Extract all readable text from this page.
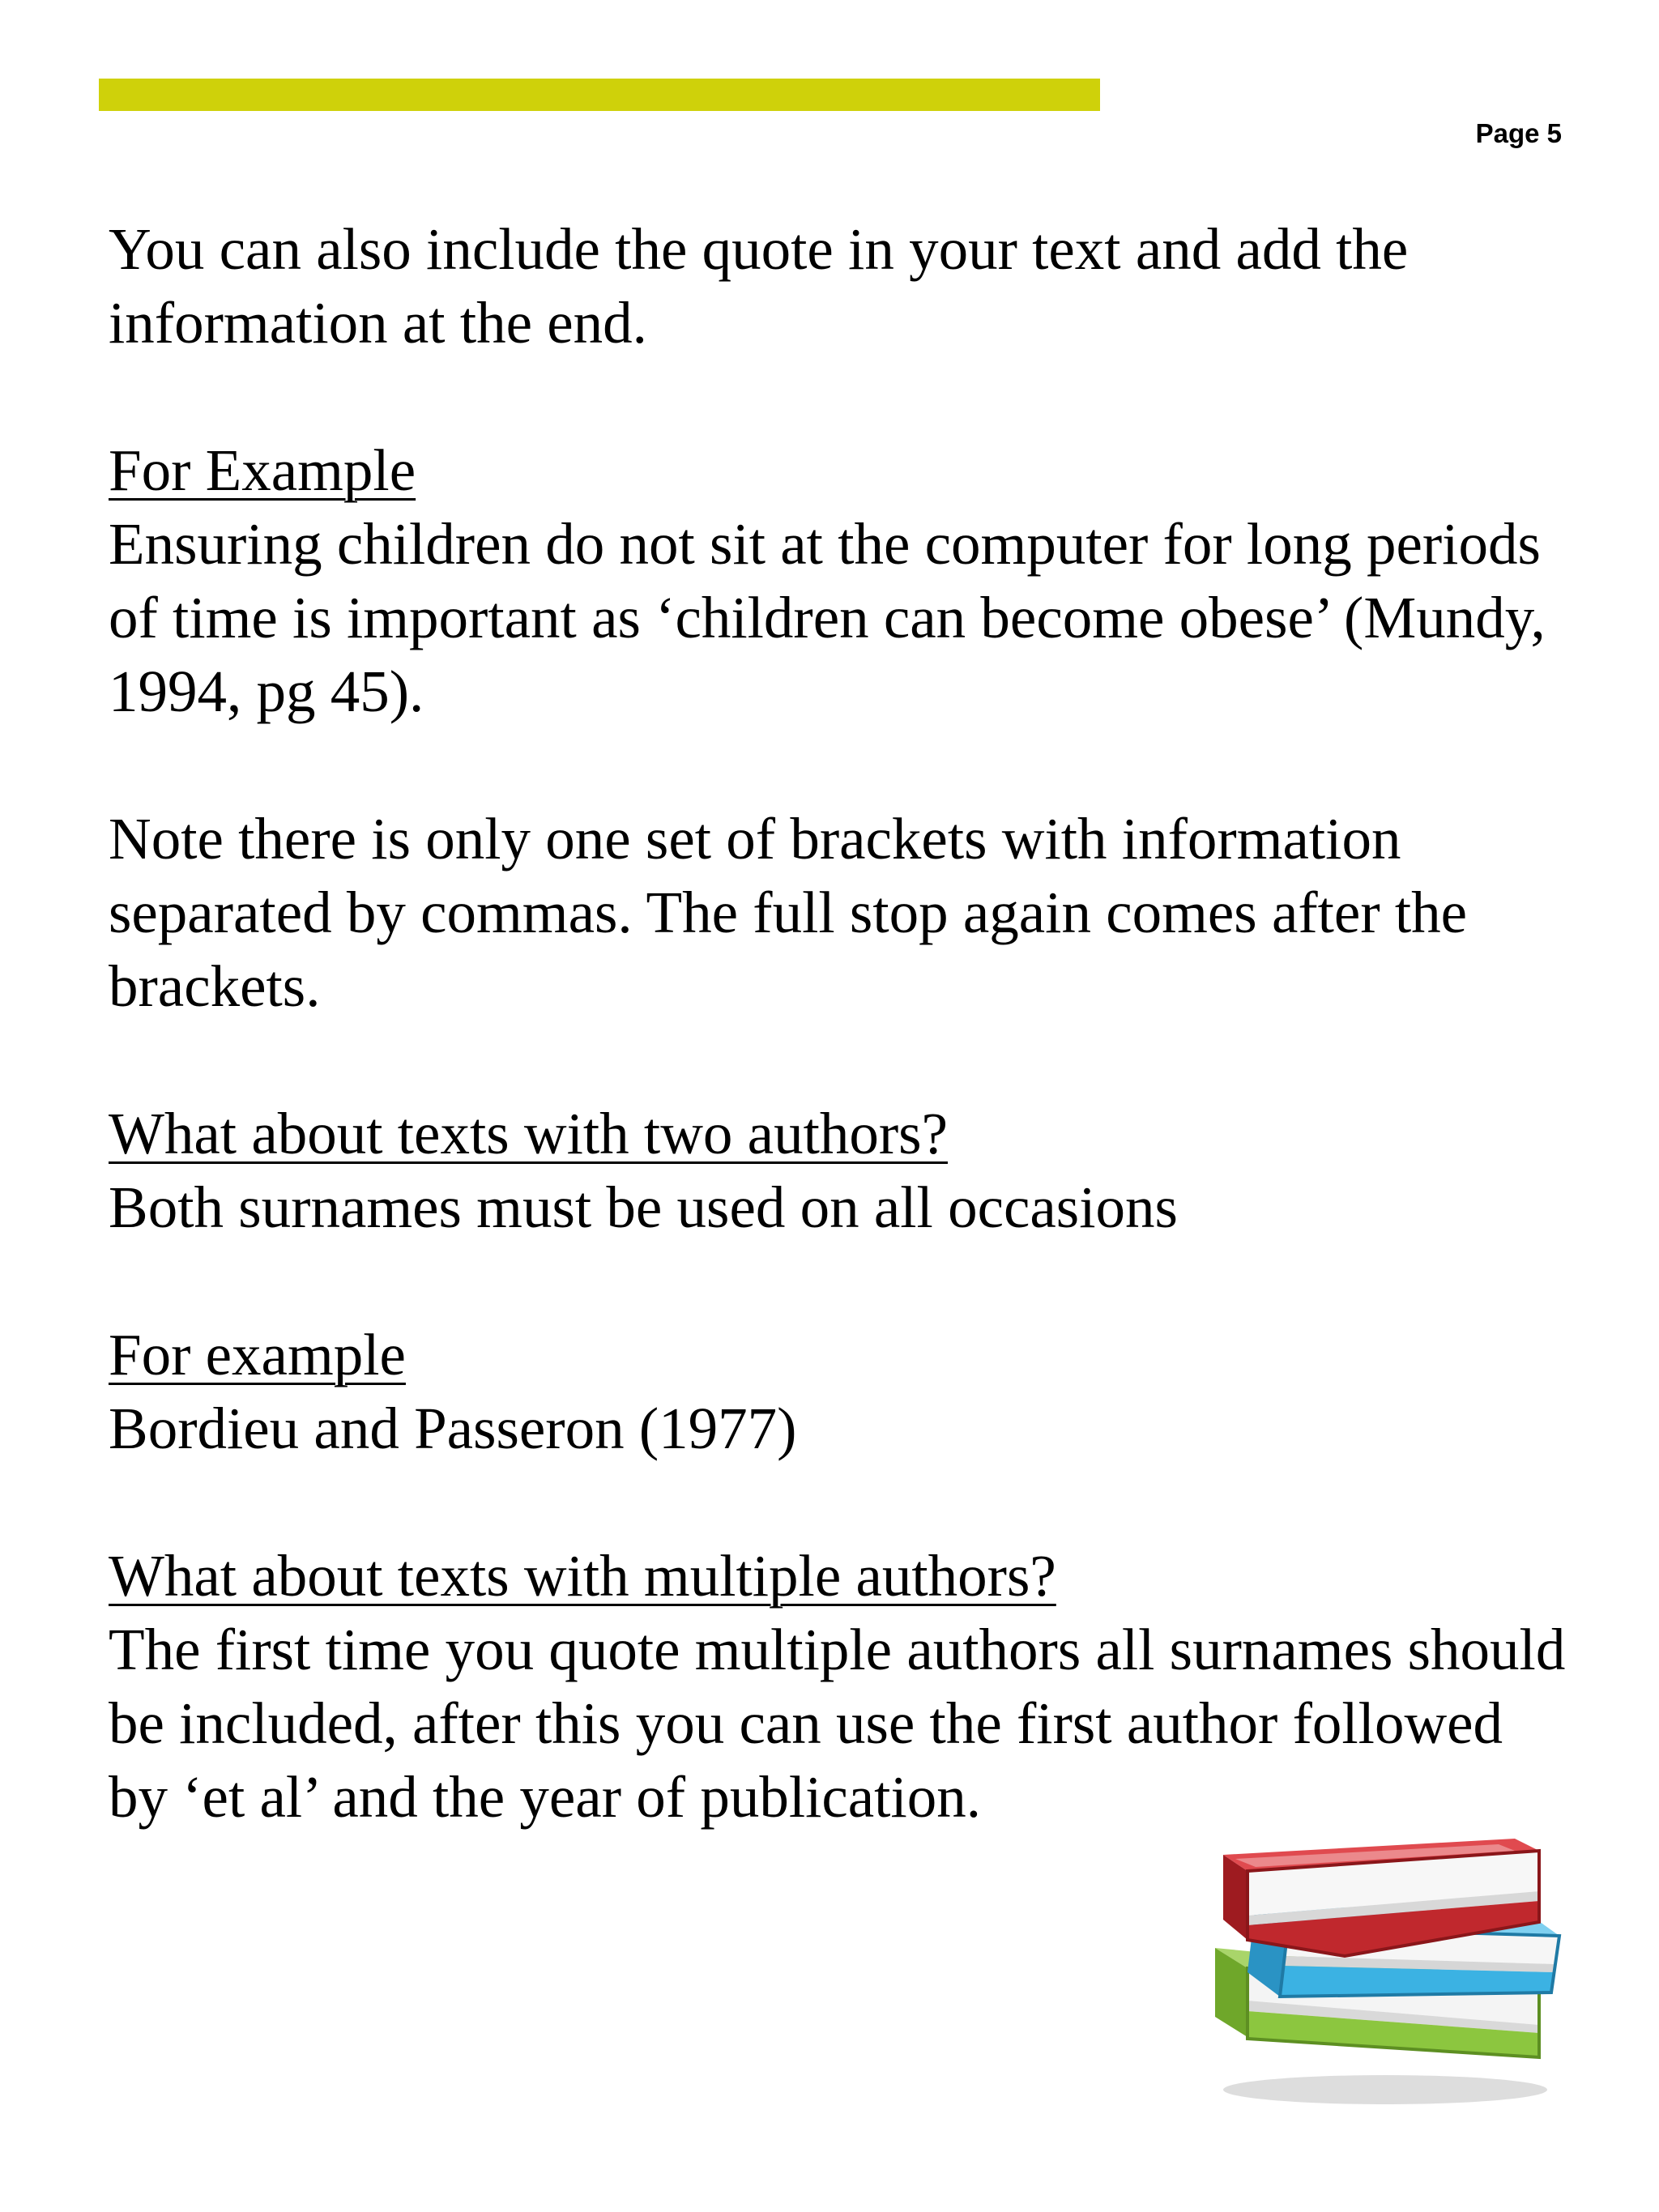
Page 5

You can also include the quote in your text and add the information at the end.

For Example
Ensuring children do not sit at the computer for long periods of time is important as ‘children can become obese’ (Mundy, 1994, pg 45).

Note there is only one set of brackets with information separated by commas. The full stop again comes after the brackets.

What about texts with two authors?
Both surnames must be used on all occasions

For example
Bordieu and Passeron (1977)

What about texts with multiple authors?
The first time you quote multiple authors all surnames should be included, after this you can use the first author followed by ‘et al’ and the year of publication.
